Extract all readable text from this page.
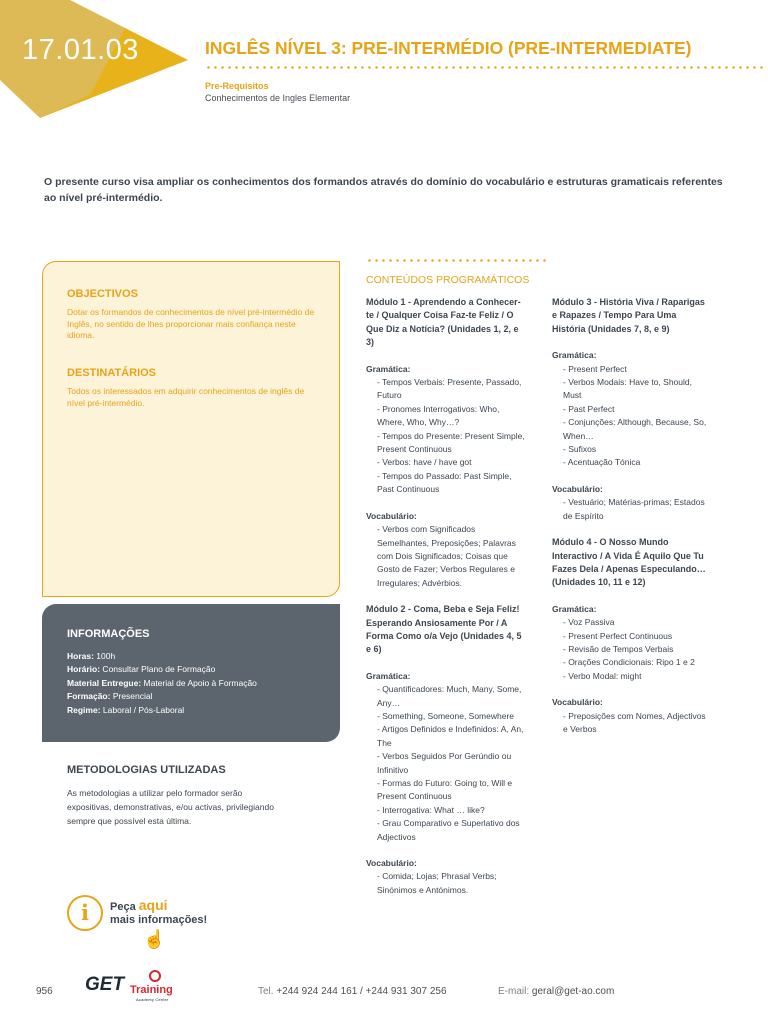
17.01.03	INGLÊS NÍVEL 3: PRE-INTERMÉDIO (PRE-INTERMEDIATE)
Pre-Requisitos
Conhecimentos de Ingles Elementar
O presente curso visa ampliar os conhecimentos dos formandos através do domínio do vocabulário e estruturas gramaticais referentes ao nível pré-intermédio.
OBJECTIVOS
Dotar os formandos de conhecimentos de nível pré-intermédio de Inglês, no sentido de lhes proporcionar mais confiança neste idioma.
DESTINATÁRIOS
Todos os interessados em adquirir conhecimentos de inglês de nível pré-intermédio.
INFORMAÇÕES
Horas: 100h
Horário: Consultar Plano de Formação
Material Entregue: Material de Apoio à Formação
Formação: Presencial
Regime: Laboral / Pós-Laboral
METODOLOGIAS UTILIZADAS
As metodologias a utilizar pelo formador serão expositivas, demonstrativas, e/ou activas, privilegiando sempre que possível esta última.
CONTEÚDOS PROGRAMÁTICOS
Módulo 1 - Aprendendo a Conhecer-te / Qualquer Coisa Faz-te Feliz / O Que Diz a Notícia? (Unidades 1, 2, e 3)
Gramática:
- Tempos Verbais: Presente, Passado, Futuro
- Pronomes Interrogativos: Who, Where, Who, Why…?
- Tempos do Presente: Present Simple, Present Continuous
- Verbos: have / have got
- Tempos do Passado: Past Simple, Past Continuous
Vocabulário:
- Verbos com Significados Semelhantes, Preposições; Palavras com Dois Significados; Coisas que Gosto de Fazer; Verbos Regulares e Irregulares; Advérbios.
Módulo 2 - Coma, Beba e Seja Feliz! Esperando Ansiosamente Por / A Forma Como o/a Vejo (Unidades 4, 5 e 6)
Gramática:
- Quantificadores: Much, Many, Some, Any…
- Something, Someone, Somewhere
- Artigos Definidos e Indefinidos: A, An, The
- Verbos Seguidos Por Gerúndio ou Infinitivo
- Formas do Futuro: Going to, Will e Present Continuous
- Interrogativa: What … like?
- Grau Comparativo e Superlativo dos Adjectivos
Vocabulário:
- Comida; Lojas; Phrasal Verbs; Sinónimos e Antónimos.
Módulo 3 - História Viva / Raparigas e Rapazes / Tempo Para Uma História (Unidades 7, 8, e 9)
Gramática:
- Present Perfect
- Verbos Modais: Have to, Should, Must
- Past Perfect
- Conjunções: Although, Because, So, When…
- Sufixos
- Acentuação Tónica
Vocabulário:
- Vestuário; Matérias-primas; Estados de Espírito
Módulo 4 - O Nosso Mundo Interactivo / A Vida É Aquilo Que Tu Fazes Dela / Apenas Especulando… (Unidades 10, 11 e 12)
Gramática:
- Voz Passiva
- Present Perfect Continuous
- Revisão de Tempos Verbais
- Orações Condicionais: Ripo 1 e 2
- Verbo Modal: might
Vocabulário:
- Preposições com Nomes, Adjectivos e Verbos
i	Peça aqui
mais informações!
☝
956 GET Training
Academy Center
Tel. +244 924 244 161 / +244 931 307 256	E-mail: geral@get-ao.com
